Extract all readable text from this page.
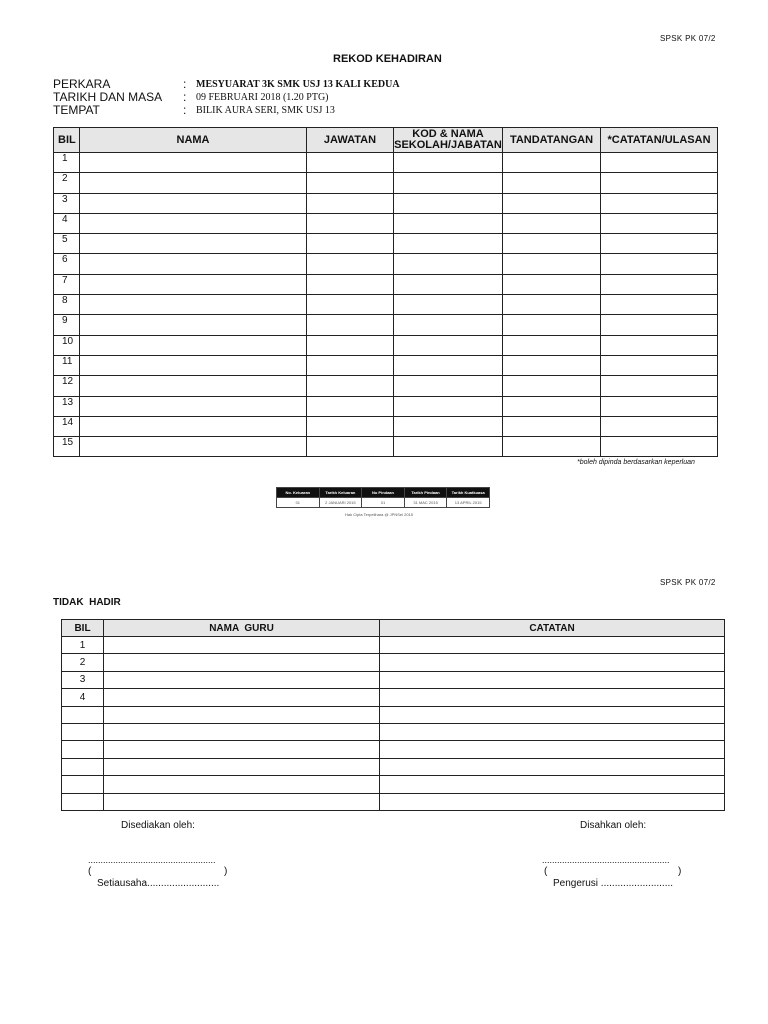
SPSK PK 07/2
REKOD KEHADIRAN
PERKARA	: MESYUARAT 3K SMK USJ 13 KALI KEDUA
TARIKH DAN MASA : 09 FEBRUARI 2018 (1.20 PTG)
TEMPAT	: BILIK AURA SERI, SMK USJ 13
BIL	NAMA	JAWATAN	KOD & NAMA SEKOLAH/JABATAN	TANDATANGAN	*CATATAN/ULASAN
1					
2					
3					
4					
5					
6					
7					
8					
9					
10					
11					
12					
13					
14					
15					
*boleh dipinda berdasarkan keperluan
No. Keluaran	Tarikh Keluaran	No Pindaan	Tarikh Pindaan	Tarikh Kuatkuasa
01	2 JANUARI 2015	01	31 MAC 2015	13 APRIL 2015
Hak Cipta Terpelihara @ JPNSel 2015
SPSK PK 07/2
TIDAK  HADIR
BIL	NAMA  GURU	CATATAN
1		
2		
3		
4		

Disediakan oleh:	Disahkan oleh:
...................................................
(	)
Setiausaha..........................
...................................................
(	)
Pengerusi ..........................
